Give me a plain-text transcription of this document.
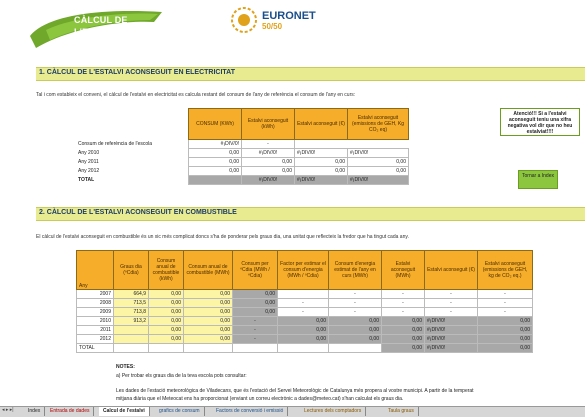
CÀLCUL DE
L'ESTALVI
EURONET
50/50
1. CÀLCUL DE L'ESTALVI ACONSEGUIT EN ELECTRICITAT
Tal i com estableix el conveni, el càlcul de l'estalvi en electricitat es calcula restant del consum de l'any de referència el consum de l'any en curs:
	CONSUM (KWh)	Estalvi aconseguit (kWh)	Estalvi aconseguit (€)	Estalvi aconseguit (emissions de GEH, Kg CO₂ eq)
Consum de referència de l'escola	#¡DIV/0!	-		
Any 2010	0,00	#¡DIV/0!	#¡DIV/0!	#¡DIV/0!
Any 2011	0,00	0,00	0,00	0,00
Any 2012	0,00	0,00	0,00	0,00
TOTAL		#¡DIV/0!	#¡DIV/0!	#¡DIV/0!
Atenció!!! Si a l'estalvi aconseguit teniu una xifra negativa vol dir que no heu estalviat!!!!
Tornar a Index
2. CÀLCUL DE L'ESTALVI ACONSEGUIT EN COMBUSTIBLE
El càlcul de l'estalvi aconseguit en combustible és un xic més complicat doncs s'ha de ponderar pels graus dia, una unitat que reflecteix la fredor que ha tingut cada any.
Any	Graus dia (ºCdia)	Consum anual de combustible (kWh)	Consum anual de combustible (MWh)	Consum per ºCdia (MWh / ºCdia)	Factor per estimar el consum d'energia (MWh / ºCdia)	Consum d'energia estimat de l'any en curs (MWh)	Estalvi aconseguit (MWh)	Estalvi aconseguit (€)	Estalvi aconseguit (emissions de GEH, kg de CO₂ eq.)
2007	664,9	0,00	0,00	0,00		-	-	-	-
2008	713,5	0,00	0,00	0,00	-	-	-	-	-
2009	713,8	0,00	0,00	0,00	-	-	-	-	-
2010	913,2	0,00	0,00	-	0,00	0,00	0,00	#¡DIV/0!	0,00
2011		0,00	0,00	-	0,00	0,00	0,00	#¡DIV/0!	0,00
2012		0,00	0,00	-	0,00	0,00	0,00	#¡DIV/0!	0,00
TOTAL							0,00	#¡DIV/0!	0,00
NOTES:
a) Per trobar els graus dia de la teva escola pots consultar:
Les dades de l'estació meteorològica de Viladecans, que és l'estació del Servei Meteorològic de Catalunya més propera al vostre municipi. A partir de la temperat
mitjana diària que el Meteocat ens ha proporcionat (enviant un correu electrònic a dades@meteo.cat) s'han calculat els graus dia.
◂ ▸ ▸|	Index	Entrada de dades	Calcul de l'estalvi	grafics de consum	Factors de conversió i emissió	Lectures dels comptadors	Taula graus
